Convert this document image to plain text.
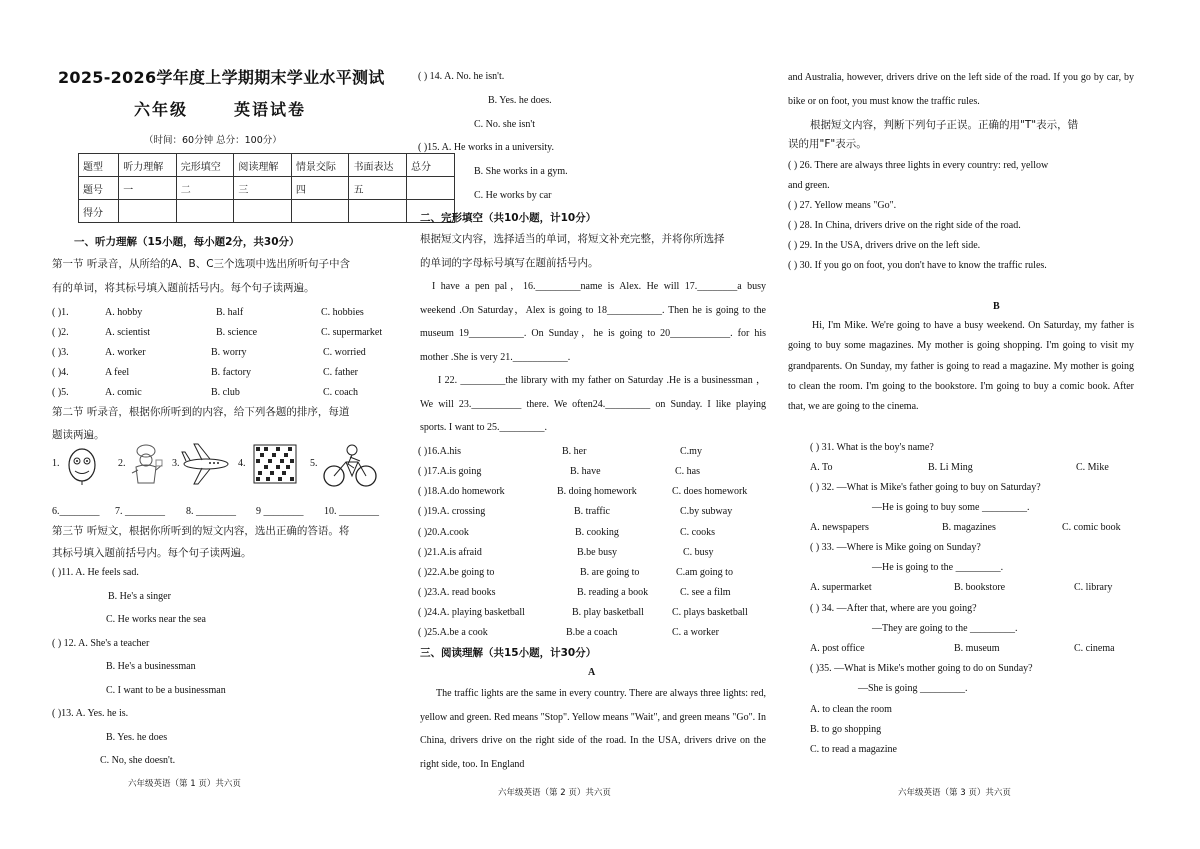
2025-2026学年度上学期期末学业水平测试
六年级	英语试卷
（时间：60分钟 总分：100分）
题型	听力理解	完形填空	阅读理解	情景交际	书面表达	总分
题号	一	二	三	四	五	
得分						
一、听力理解（15小题，每小题2分，共30分）
第一节 听录音，从所给的A、B、C三个选项中选出所听句子中含
有的单词，将其标号填入题前括号内。每个句子读两遍。
( )1.	A. hobby	B. half	C. hobbies
( )2.	A. scientist	B. science	C. supermarket
( )3.	A. worker	B. worry	C. worried
( )4.	A feel	B. factory	C. father
( )5.	A. comic	B. club	C. coach
第二节 听录音，根据你所听到的内容，给下列各题的排序，每道
题读两遍。
1.	2.	3.	4.	5.
6.________ 7. ________ 8. ________ 9 ________ 10. ________
第三节 听短文，根据你所听到的短文内容，选出正确的答语。将
其标号填入题前括号内。每个句子读两遍。
( )11. A. He feels sad.
B. He's a singer
C. He works near the sea
( ) 12. A. She's a teacher
B. He's a businessman
C. I want to be a businessman
( )13. A. Yes. he is.
B. Yes. he does
C. No, she doesn't.
六年级英语（第 1 页）共六页
( ) 14. A. No. he isn't.
B. Yes. he does.
C. No. she isn't
( )15. A. He works in a university.
B. She works in a gym.
C. He works by car
二、完形填空（共10小题，计10分）
根据短文内容，选择适当的单词，将短文补充完整，并将你所选择
的单词的字母标号填写在题前括号内。
I have a pen pal，16._________name is Alex. He will 17.________a busy weekend .On Saturday，Alex is going to 18___________. Then he is going to the museum 19___________. On Sunday，he is going to 20____________. for his mother .She is very 21.___________.
I 22. _________the library with my father on Saturday .He is a businessman ，We will 23.__________ there. We often24._________ on Sunday. I like playing sports. I want to 25._________.
( )16.A.his	B. her	C.my
( )17.A.is going	B. have	C. has
( )18.A.do homework	B. doing homework	C. does homework
( )19.A. crossing	B. traffic	C.by subway
( )20.A.cook	B. cooking	C. cooks
( )21.A.is afraid	B.be busy	C. busy
( )22.A.be going to	B. are going to	C.am going to
( )23.A. read books	B. reading a book	C. see a film
( )24.A. playing basketball	B. play basketball	C. plays basketball
( )25.A.be a cook	B.be a coach	C. a worker
三、阅读理解（共15小题，计30分）
A
The traffic lights are the same in every country. There are always three lights: red, yellow and green. Red means "Stop". Yellow means "Wait", and green means "Go". In China, drivers drive on the right side of the road. In the USA, drivers drive on the right side, too. In England
六年级英语（第 2 页）共六页
and Australia, however, drivers drive on the left side of the road. If you go by car, by bike or on foot, you must know the traffic rules.
根据短文内容，判断下列句子正误。正确的用"T"表示，错
误的用"F"表示。
( ) 26. There are always three lights in every country: red, yellow
and green.
( ) 27. Yellow means "Go".
( ) 28. In China, drivers drive on the right side of the road.
( ) 29. In the USA, drivers drive on the left side.
( ) 30. If you go on foot, you don't have to know the traffic rules.
B
Hi, I'm Mike. We're going to have a busy weekend. On Saturday, my father is going to buy some magazines. My mother is going shopping. I'm going to visit my grandparents. On Sunday, my father is going to read a magazine. My mother is going to clean the room. I'm going to the bookstore. I'm going to buy a comic book. After that, we are going to the cinema.
( ) 31. What is the boy's name?
A. To	B. Li Ming	C. Mike
( ) 32. —What is Mike's father going to buy on Saturday?
—He is going to buy some _________.
A. newspapers	B. magazines	C. comic book
( ) 33. —Where is Mike going on Sunday?
—He is going to the _________.
A. supermarket	B. bookstore	C. library
( ) 34. —After that, where are you going?
—They are going to the _________.
A. post office	B. museum	C. cinema
( )35. —What is Mike's mother going to do on Sunday?
—She is going _________.
A. to clean the room
B. to go shopping
C. to read a magazine
六年级英语（第 3 页）共六页
